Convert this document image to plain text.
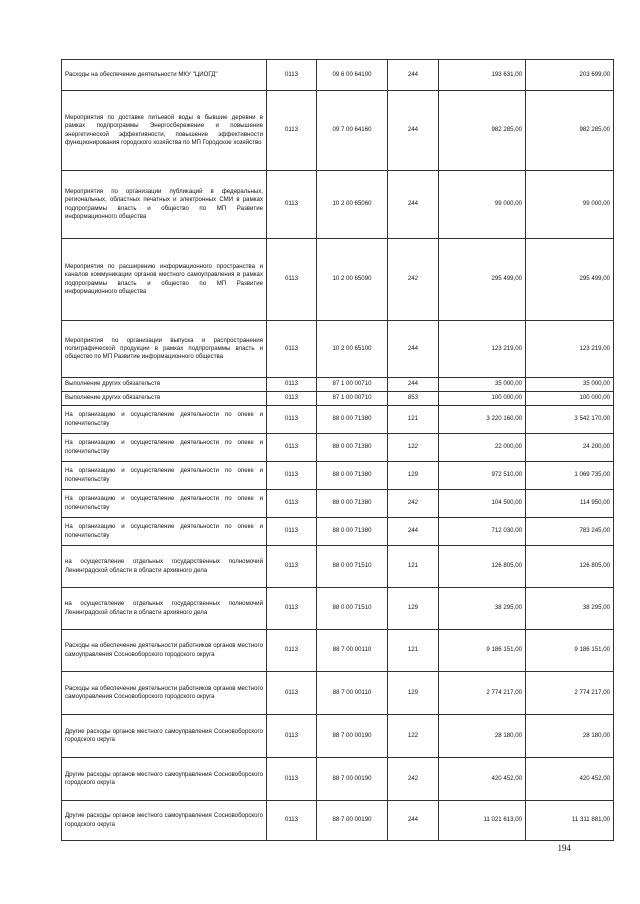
Расходы на обеспечение деятельности МКУ "ЦИОГД"	0113	09 6 00 64100	244	193 631,00	203 699,00
Мероприятия по доставке питьевой воды в бывшие деревни в рамках подпрограммы Энергосбережение и повышение энергетической эффективности, повышение эффективности функционирования городского хозяйства по МП Городское хозяйство	0113	09 7 00 64160	244	982 285,00	982 285,00
Мероприятия по организации публикаций в федеральных, региональных, областных печатных и электронных СМИ в рамках подпрограммы власть и общество по МП Развитие информационного общества	0113	10 2 00 65060	244	99 000,00	99 000,00
Мероприятия по расширению информационного пространства и каналов коммуникации органов местного самоуправления в рамках подпрограммы власть и общество по МП Развитие информационного общества	0113	10 2 00 65090	242	295 499,00	295 499,00
Мероприятия по организации выпуска и распространения полиграфической продукции в рамках подпрограммы власть и общество по МП Развитие информационного общества	0113	10 2 00 65100	244	123 219,00	123 219,00
Выполнение других обязательств	0113	87 1 00 00710	244	35 000,00	35 000,00
Выполнение других обязательств	0113	87 1 00 00710	853	100 000,00	100 000,00
На организацию и осуществление деятельности по опеке и попечительству	0113	88 0 00 71380	121	3 220 160,00	3 542 170,00
На организацию и осуществление деятельности по опеке и попечительству	0113	88 0 00 71380	122	22 000,00	24 200,00
На организацию и осуществление деятельности по опеке и попечительству	0113	88 0 00 71380	129	972 510,00	1 069 735,00
На организацию и осуществление деятельности по опеке и попечительству	0113	88 0 00 71380	242	104 500,00	114 950,00
На организацию и осуществление деятельности по опеке и попечительству	0113	88 0 00 71380	244	712 030,00	783 245,00
на осуществление отдельных государственных полномочий Ленинградской области в области архивного дела	0113	88 0 00 71510	121	126 805,00	126 805,00
на осуществление отдельных государственных полномочий Ленинградской области в области архивного дела	0113	88 0 00 71510	129	38 295,00	38 295,00
Расходы на обеспечение деятельности работников органов местного самоуправления Сосновоборского городского округа	0113	88 7 00 00110	121	9 186 151,00	9 186 151,00
Расходы на обеспечение деятельности работников органов местного самоуправления Сосновоборского городского округа	0113	88 7 00 00110	129	2 774 217,00	2 774 217,00
Другие расходы органов местного самоуправления Сосновоборского городского округа	0113	88 7 00 00190	122	28 180,00	28 180,00
Другие расходы органов местного самоуправления Сосновоборского городского округа	0113	88 7 00 00190	242	420 452,00	420 452,00
Другие расходы органов местного самоуправления Сосновоборского городского округа	0113	88 7 00 00190	244	11 021 613,00	11 311 881,00
194
